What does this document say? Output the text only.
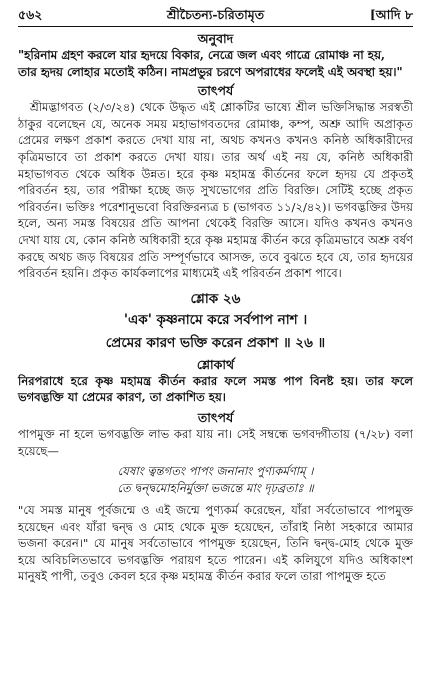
৫৬২	শ্রীচৈতন্য-চরিতামৃত	[আদি ৮
অনুবাদ

"হরিনাম গ্রহণ করলে যার হৃদয়ে বিকার, নেত্রে জল এবং গাত্রে রোমাঞ্চ না হয়,

তার হৃদয় লোহার মতোই কঠিন। নামপ্রভুর চরণে অপরাধের ফলেই এই অবস্থা হয়।"

তাৎপর্য

শ্রীমদ্ভাগবত (২/৩/২৪) থেকে উদ্ধৃত এই শ্লোকটির ভাষ্যে শ্রীল ভক্তিসিদ্ধান্ত সরস্বতী ঠাকুর বলেছেন যে, অনেক সময় মহাভাগবতদের রোমাঞ্চ, কম্প, অশ্রু আদি অপ্রাকৃত প্রেমের লক্ষণ প্রকাশ করতে দেখা যায় না, অথচ কখনও কখনও কনিষ্ঠ অধিকারীদের কৃত্রিমভাবে তা প্রকাশ করতে দেখা যায়। তার অর্থ এই নয় যে, কনিষ্ঠ অধিকারী মহাভাগবত থেকে অধিক উন্নত। হরে কৃষ্ণ মহামন্ত্র কীর্তনের ফলে হৃদয় যে প্রকৃতই পরিবর্তন হয়, তার পরীক্ষা হচ্ছে জড় সুখভোগের প্রতি বিরক্তি। সেটিই হচ্ছে প্রকৃত পরিবর্তন। ভক্তিঃ পরেশানুভবো বিরক্তিরন্যত্র চ (ভাগবত ১১/২/৪২)। ভগবদ্ভক্তির উদয় হলে, অন্য সমস্ত বিষয়ের প্রতি আপনা থেকেই বিরক্তি আসে। যদিও কখনও কখনও দেখা যায় যে, কোন কনিষ্ঠ অধিকারী হরে কৃষ্ণ মহামন্ত্র কীর্তন করে কৃত্রিমভাবে অশ্রু বর্ষণ করছে অথচ জড় বিষয়ের প্রতি সম্পূর্ণভাবে আসক্ত, তবে বুঝতে হবে যে, তার হৃদয়ের পরিবর্তন হয়নি। প্রকৃত কার্যকলাপের মাধ্যমেই এই পরিবর্তন প্রকাশ পাবে।

শ্লোক ২৬
'এক' কৃষ্ণনামে করে সর্বপাপ নাশ ।
প্রেমের কারণ ভক্তি করেন প্রকাশ ॥ ২৬ ॥
শ্লোকার্থ

নিরপরাধে হরে কৃষ্ণ মহামন্ত্র কীর্তন করার ফলে সমস্ত পাপ বিনষ্ট হয়। তার ফলে ভগবদ্ভক্তি যা প্রেমের কারণ, তা প্রকাশিত হয়।

তাৎপর্য

পাপমুক্ত না হলে ভগবদ্ভক্তি লাভ করা যায় না। সেই সম্বন্ধে ভগবদ্গীতায় (৭/২৮) বলা হয়েছে—

যেষাং ত্বন্তগতং পাপং জনানাং পুণ্যকর্মণাম্ ।
তে দ্বন্দ্বমোহনির্মুক্তা ভজন্তে মাং দৃঢ়ব্রতাঃ ॥

"যে সমস্ত মানুষ পূর্বজন্মে ও এই জন্মে পুণ্যকর্ম করেছেন, যাঁরা সর্বতোভাবে পাপমুক্ত হয়েছেন এবং যাঁরা দ্বন্দ্ব ও মোহ থেকে মুক্ত হয়েছেন, তাঁরাই নিষ্ঠা সহকারে আমার ভজনা করেন।" যে মানুষ সর্বতোভাবে পাপমুক্ত হয়েছেন, তিনি দ্বন্দ্ব-মোহ থেকে মুক্ত হয়ে অবিচলিতভাবে ভগবদ্ভক্তি পরায়ণ হতে পারেন। এই কলিযুগে যদিও অধিকাংশ মানুষই পাপী, তবুও কেবল হরে কৃষ্ণ মহামন্ত্র কীর্তন করার ফলে তারা পাপমুক্ত হতে
